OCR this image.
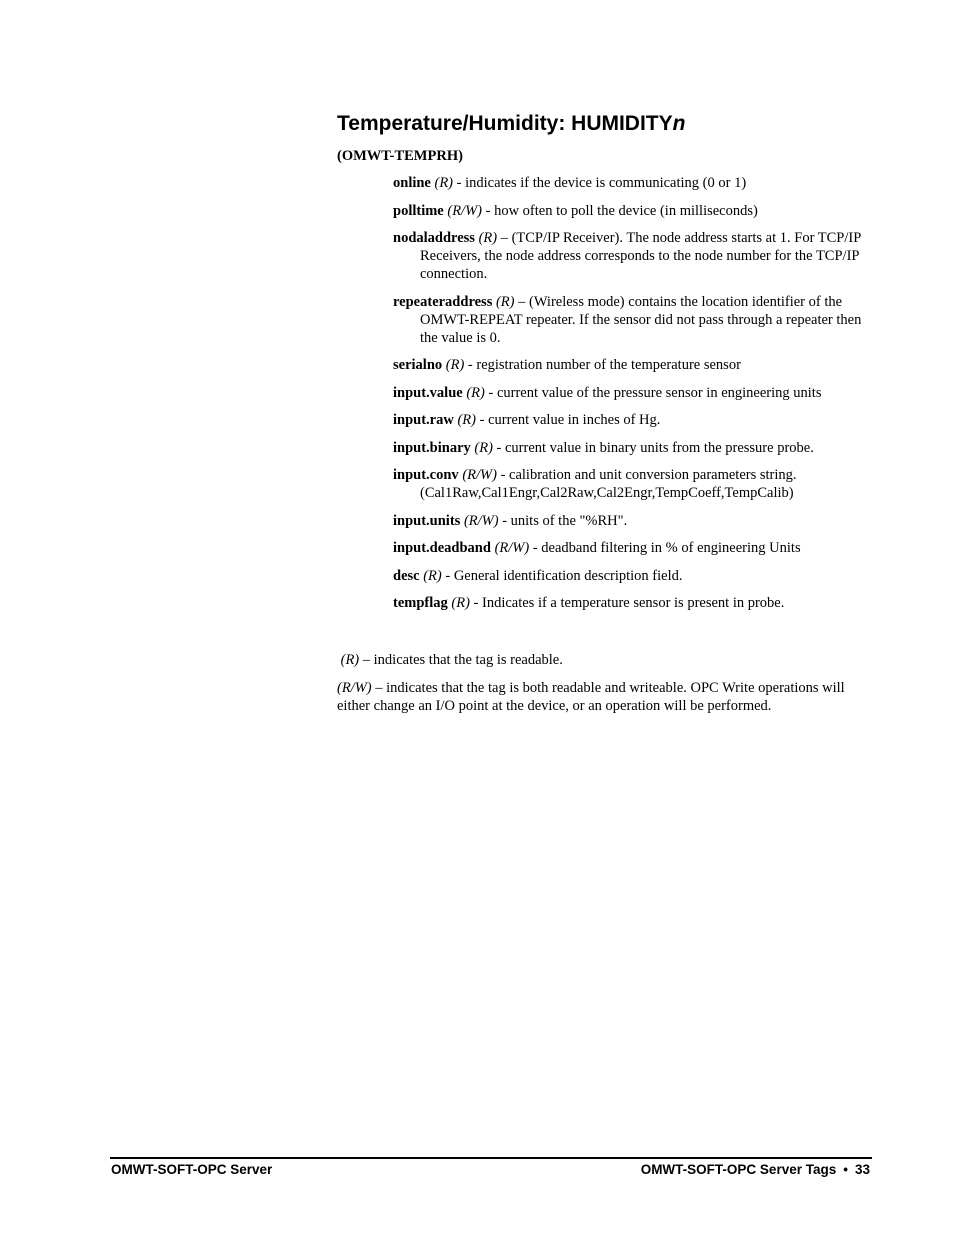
Temperature/Humidity: HUMIDITYn
(OMWT-TEMPRH)
online (R) - indicates if the device is communicating (0 or 1)
polltime (R/W) - how often to poll the device (in milliseconds)
nodaladdress (R) – (TCP/IP Receiver). The node address starts at 1. For TCP/IP Receivers, the node address corresponds to the node number for the TCP/IP connection.
repeateraddress (R) – (Wireless mode) contains the location identifier of the OMWT-REPEAT repeater. If the sensor did not pass through a repeater then the value is 0.
serialno (R) - registration number of the temperature sensor
input.value (R) - current value of the pressure sensor in engineering units
input.raw (R) - current value in inches of Hg.
input.binary (R) - current value in binary units from the pressure probe.
input.conv (R/W) - calibration and unit conversion parameters string. (Cal1Raw,Cal1Engr,Cal2Raw,Cal2Engr,TempCoeff,TempCalib)
input.units (R/W) - units of the "%RH".
input.deadband (R/W) - deadband filtering in % of engineering Units
desc (R) - General identification description field.
tempflag (R) - Indicates if a temperature sensor is present in probe.

(R) – indicates that the tag is readable.

(R/W) – indicates that the tag is both readable and writeable. OPC Write operations will either change an I/O point at the device, or an operation will be performed.

OMWT-SOFT-OPC Server	OMWT-SOFT-OPC Server Tags • 33
